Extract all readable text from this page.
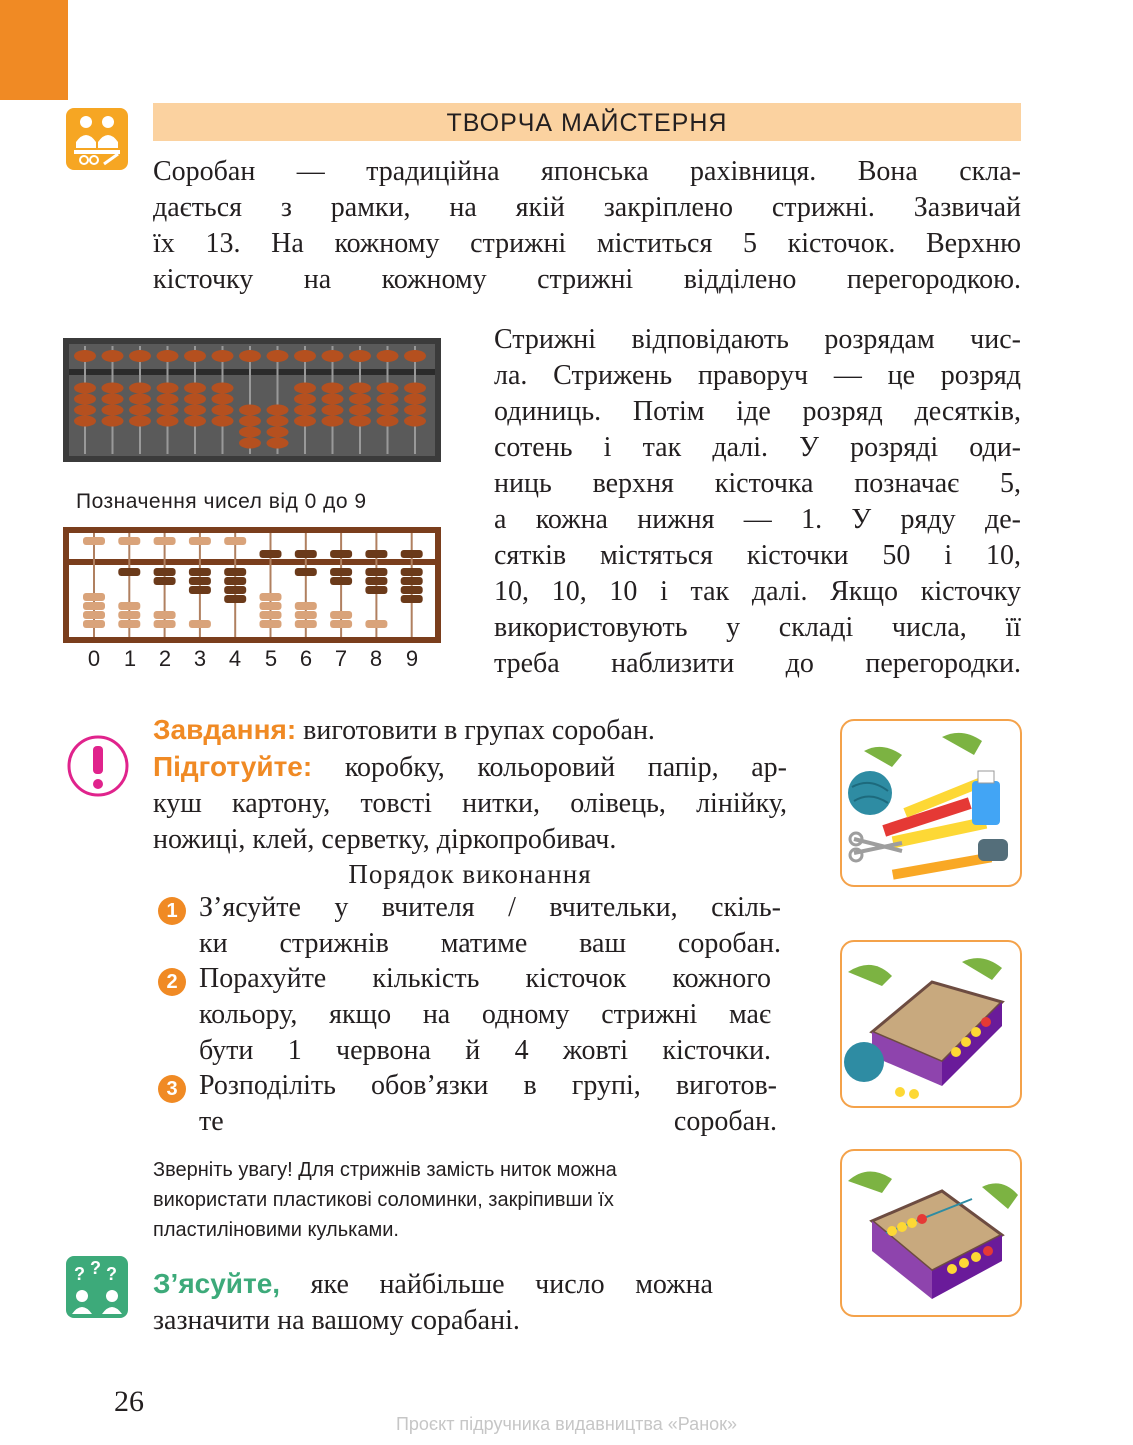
ТВОРЧА МАЙСТЕРНЯ
Соробан — традиційна японська рахівниця. Вона скла-
дається з рамки, на якій закріплено стрижні. Зазвичай
їх 13. На кожному стрижні міститься 5 кісточок. Верхню
кісточку на кожному стрижні відділено перегородкою.
Позначення чисел від 0 до 9
0	1	2	3	4	5	6	7	8	9
Стрижні відповідають розрядам чис-
ла. Стрижень праворуч — це розряд
одиниць. Потім іде розряд десятків,
сотень і так далі. У розряді оди-
ниць верхня кісточка позначає 5,
а кожна нижня — 1. У ряду де-
сятків містяться кісточки 50 і 10,
10, 10, 10 і так далі. Якщо кісточку
використовують у складі числа, її
треба наблизити до перегородки.
Завдання: виготовити в групах соробан.
Підготуйте: коробку, кольоровий папір, ар-
куш картону, товсті нитки, олівець, лінійку,
ножиці, клей, серветку, діркопробивач.
Порядок виконання
1 З’ясуйте у вчителя / вчительки, скіль-
ки стрижнів матиме ваш соробан.
2 Порахуйте кількість кісточок кожного
кольору, якщо на одному стрижні має
бути 1 червона й 4 жовті кісточки.
3 Розподіліть обов’язки в групі, виготов-
те соробан.
Зверніть увагу! Для стрижнів замість ниток можна
використати пластикові соломинки, закріпивши їх
пластиліновими кульками.
? ? ? З’ясуйте, яке найбільше число можна
зазначити на вашому сорабані.
26
Проєкт підручника видавництва «Ранок»
